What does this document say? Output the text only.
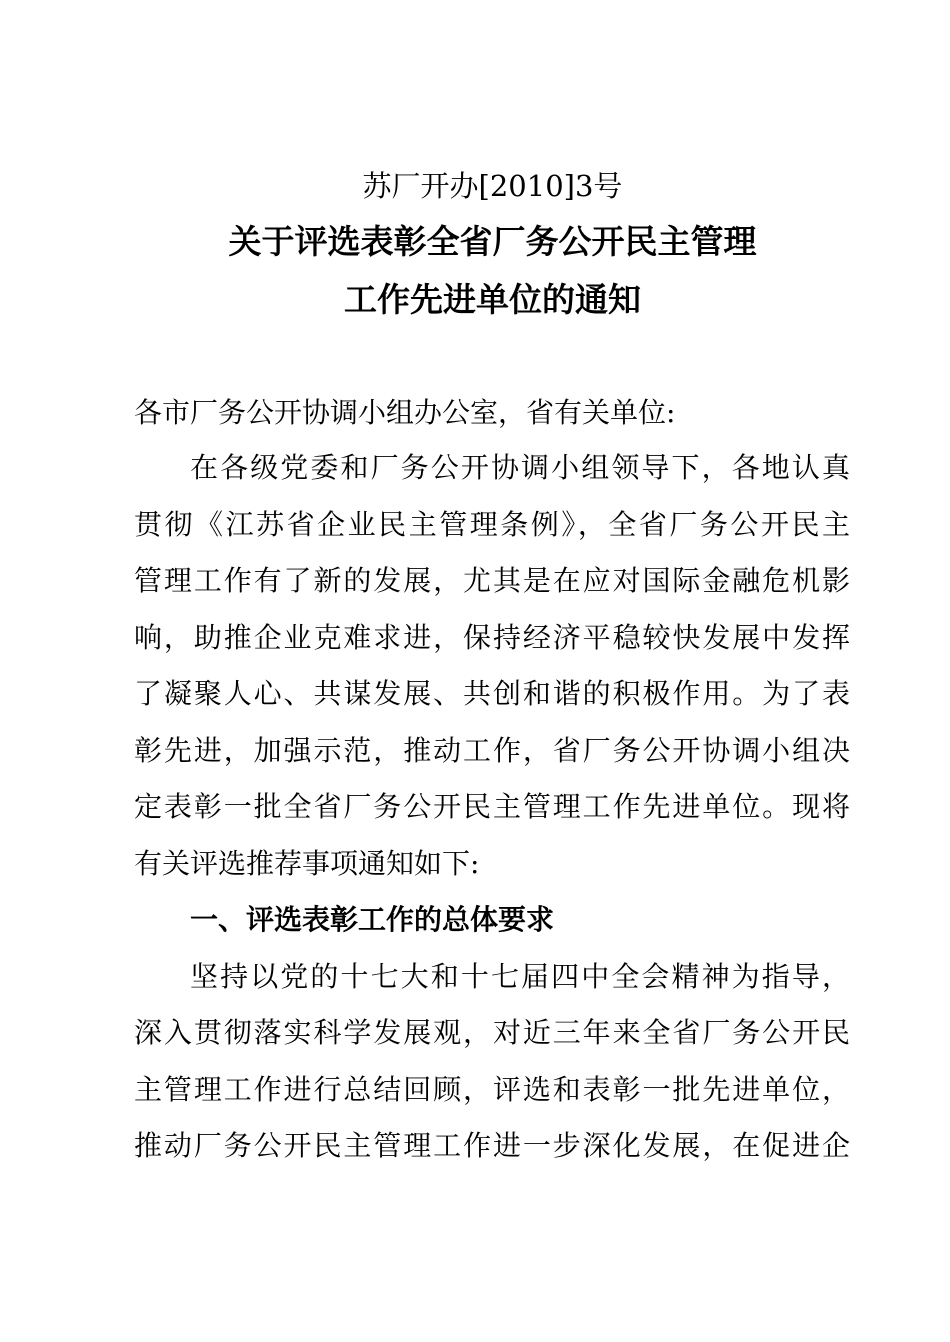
苏厂开办[2010]3号
关于评选表彰全省厂务公开民主管理
工作先进单位的通知
各市厂务公开协调小组办公室，省有关单位:
在各级党委和厂务公开协调小组领导下，各地认真
贯彻《江苏省企业民主管理条例》，全省厂务公开民主
管理工作有了新的发展，尤其是在应对国际金融危机影
响，助推企业克难求进，保持经济平稳较快发展中发挥
了凝聚人心、共谋发展、共创和谐的积极作用。为了表
彰先进，加强示范，推动工作，省厂务公开协调小组决
定表彰一批全省厂务公开民主管理工作先进单位。现将
有关评选推荐事项通知如下:
一、评选表彰工作的总体要求
坚持以党的十七大和十七届四中全会精神为指导，
深入贯彻落实科学发展观，对近三年来全省厂务公开民
主管理工作进行总结回顾，评选和表彰一批先进单位，
推动厂务公开民主管理工作进一步深化发展，在促进企
